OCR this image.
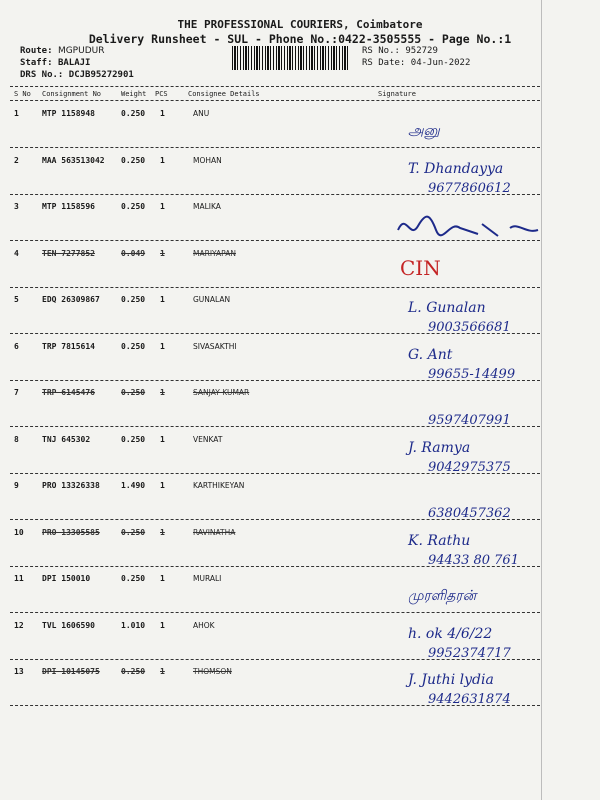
THE PROFESSIONAL COURIERS, Coimbatore
Delivery Runsheet - SUL - Phone No.:0422-3505555 - Page No.:1
Route: MGPUDUR
Staff: BALAJI
DRS No.: DCJB95272901
RS No.: 952729
RS Date: 04-Jun-2022
S No Consignment No	Weight PCS	Consignee Details	Signature
1	MTP 1158948	0.250 1	ANU
அனு
2	MAA 563513042 0.250 1	MOHAN
T. Dhandayya
9677860612
3	MTP 1158596	0.250 1	MALIKA
4	TEN 7277852	0.049 1	MARIYAPAN
CIN
5	EDQ 26309867	0.250 1	GUNALAN
L. Gunalan
9003566681
6	TRP 7815614	0.250 1	SIVASAKTHI
G. Ant
99655-14499
7	TRP 6145476	0.250 1	SANJAY KUMAR
9597407991
8	TNJ 645302	0.250 1	VENKAT
J. Ramya
9042975375
9	PRO 13326338	1.490 1	KARTHIKEYAN
6380457362
10 PRO 13305585	0.250 1	RAVINATHA
K. Rathu
94433 80 761
11 DPI 150010	0.250 1	MURALI
முரளிதரன்
12 TVL 1606590	1.010 1	AHOK
h. ok 4/6/22
9952374717
13 DPI 10145075	0.250 1	THOMSON
J. Juthi lydia
9442631874
